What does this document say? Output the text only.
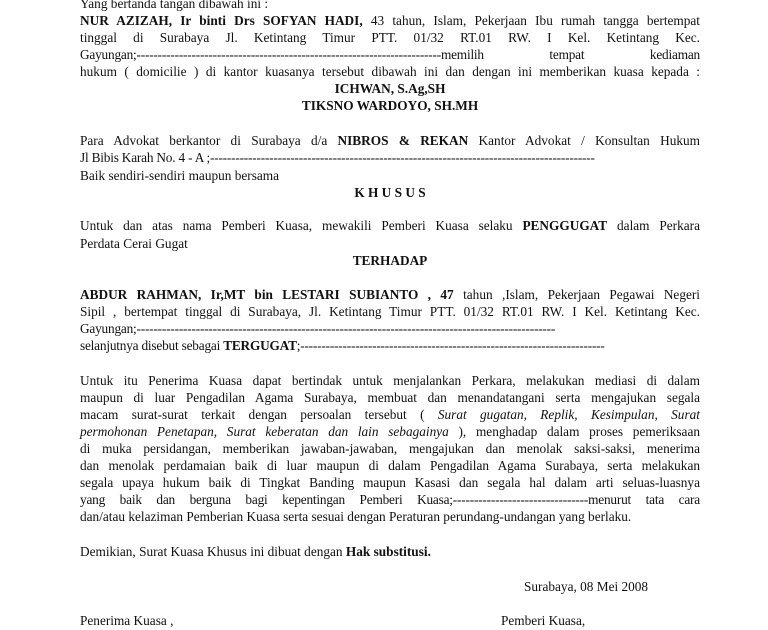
Yang bertanda tangan dibawah ini :
NUR AZIZAH, Ir binti Drs SOFYAN HADI, 43 tahun, Islam, Pekerjaan Ibu rumah tangga bertempat
tinggal di Surabaya Jl. Ketintang Timur PTT. 01/32 RT.01 RW. I Kel. Ketintang Kec.
Gayungan;------------------------------------------------------------------------memilih tempat kediaman
hukum ( domicilie ) di kantor kuasanya tersebut dibawah ini dan dengan ini memberikan kuasa kepada :
ICHWAN, S.Ag,SH
TIKSNO WARDOYO, SH.MH
Para Advokat berkantor di Surabaya d/a NIBROS & REKAN Kantor Advokat / Konsultan Hukum
Jl Bibis Karah No. 4 - A ;-------------------------------------------------------------------------------------------
Baik sendiri-sendiri maupun bersama
K H U S U S
Untuk dan atas nama Pemberi Kuasa, mewakili Pemberi Kuasa selaku PENGGUGAT dalam Perkara
Perdata Cerai Gugat
TERHADAP
ABDUR RAHMAN, Ir,MT bin LESTARI SUBIANTO , 47 tahun ,Islam, Pekerjaan Pegawai Negeri
Sipil , bertempat tinggal di Surabaya, Jl. Ketintang Timur PTT. 01/32 RT.01 RW. I Kel. Ketintang Kec.
Gayungan;---------------------------------------------------------------------------------------------------
selanjutnya disebut sebagai TERGUGAT;------------------------------------------------------------------------
Untuk itu Penerima Kuasa dapat bertindak untuk menjalankan Perkara, melakukan mediasi di dalam
maupun di luar Pengadilan Agama Surabaya, membuat dan menandatangani serta mengajukan segala
macam surat-surat terkait dengan persoalan tersebut ( Surat gugatan, Replik, Kesimpulan, Surat
permohonan Penetapan, Surat keberatan dan lain sebagainya ), menghadap dalam proses pemeriksaan
di muka persidangan, memberikan jawaban-jawaban, mengajukan dan menolak saksi-saksi, menerima
dan menolak perdamaian baik di luar maupun di dalam Pengadilan Agama Surabaya, serta melakukan
segala upaya hukum baik di Tingkat Banding maupun Kasasi dan segala hal dalam arti seluas-luasnya
yang baik dan berguna bagi kepentingan Pemberi Kuasa;--------------------------------menurut tata cara
dan/atau kelaziman Pemberian Kuasa serta sesuai dengan Peraturan perundang-undangan yang berlaku.
Demikian, Surat Kuasa Khusus ini dibuat dengan Hak substitusi.
Surabaya, 08 Mei 2008
Penerima Kuasa ,	Pemberi Kuasa,
